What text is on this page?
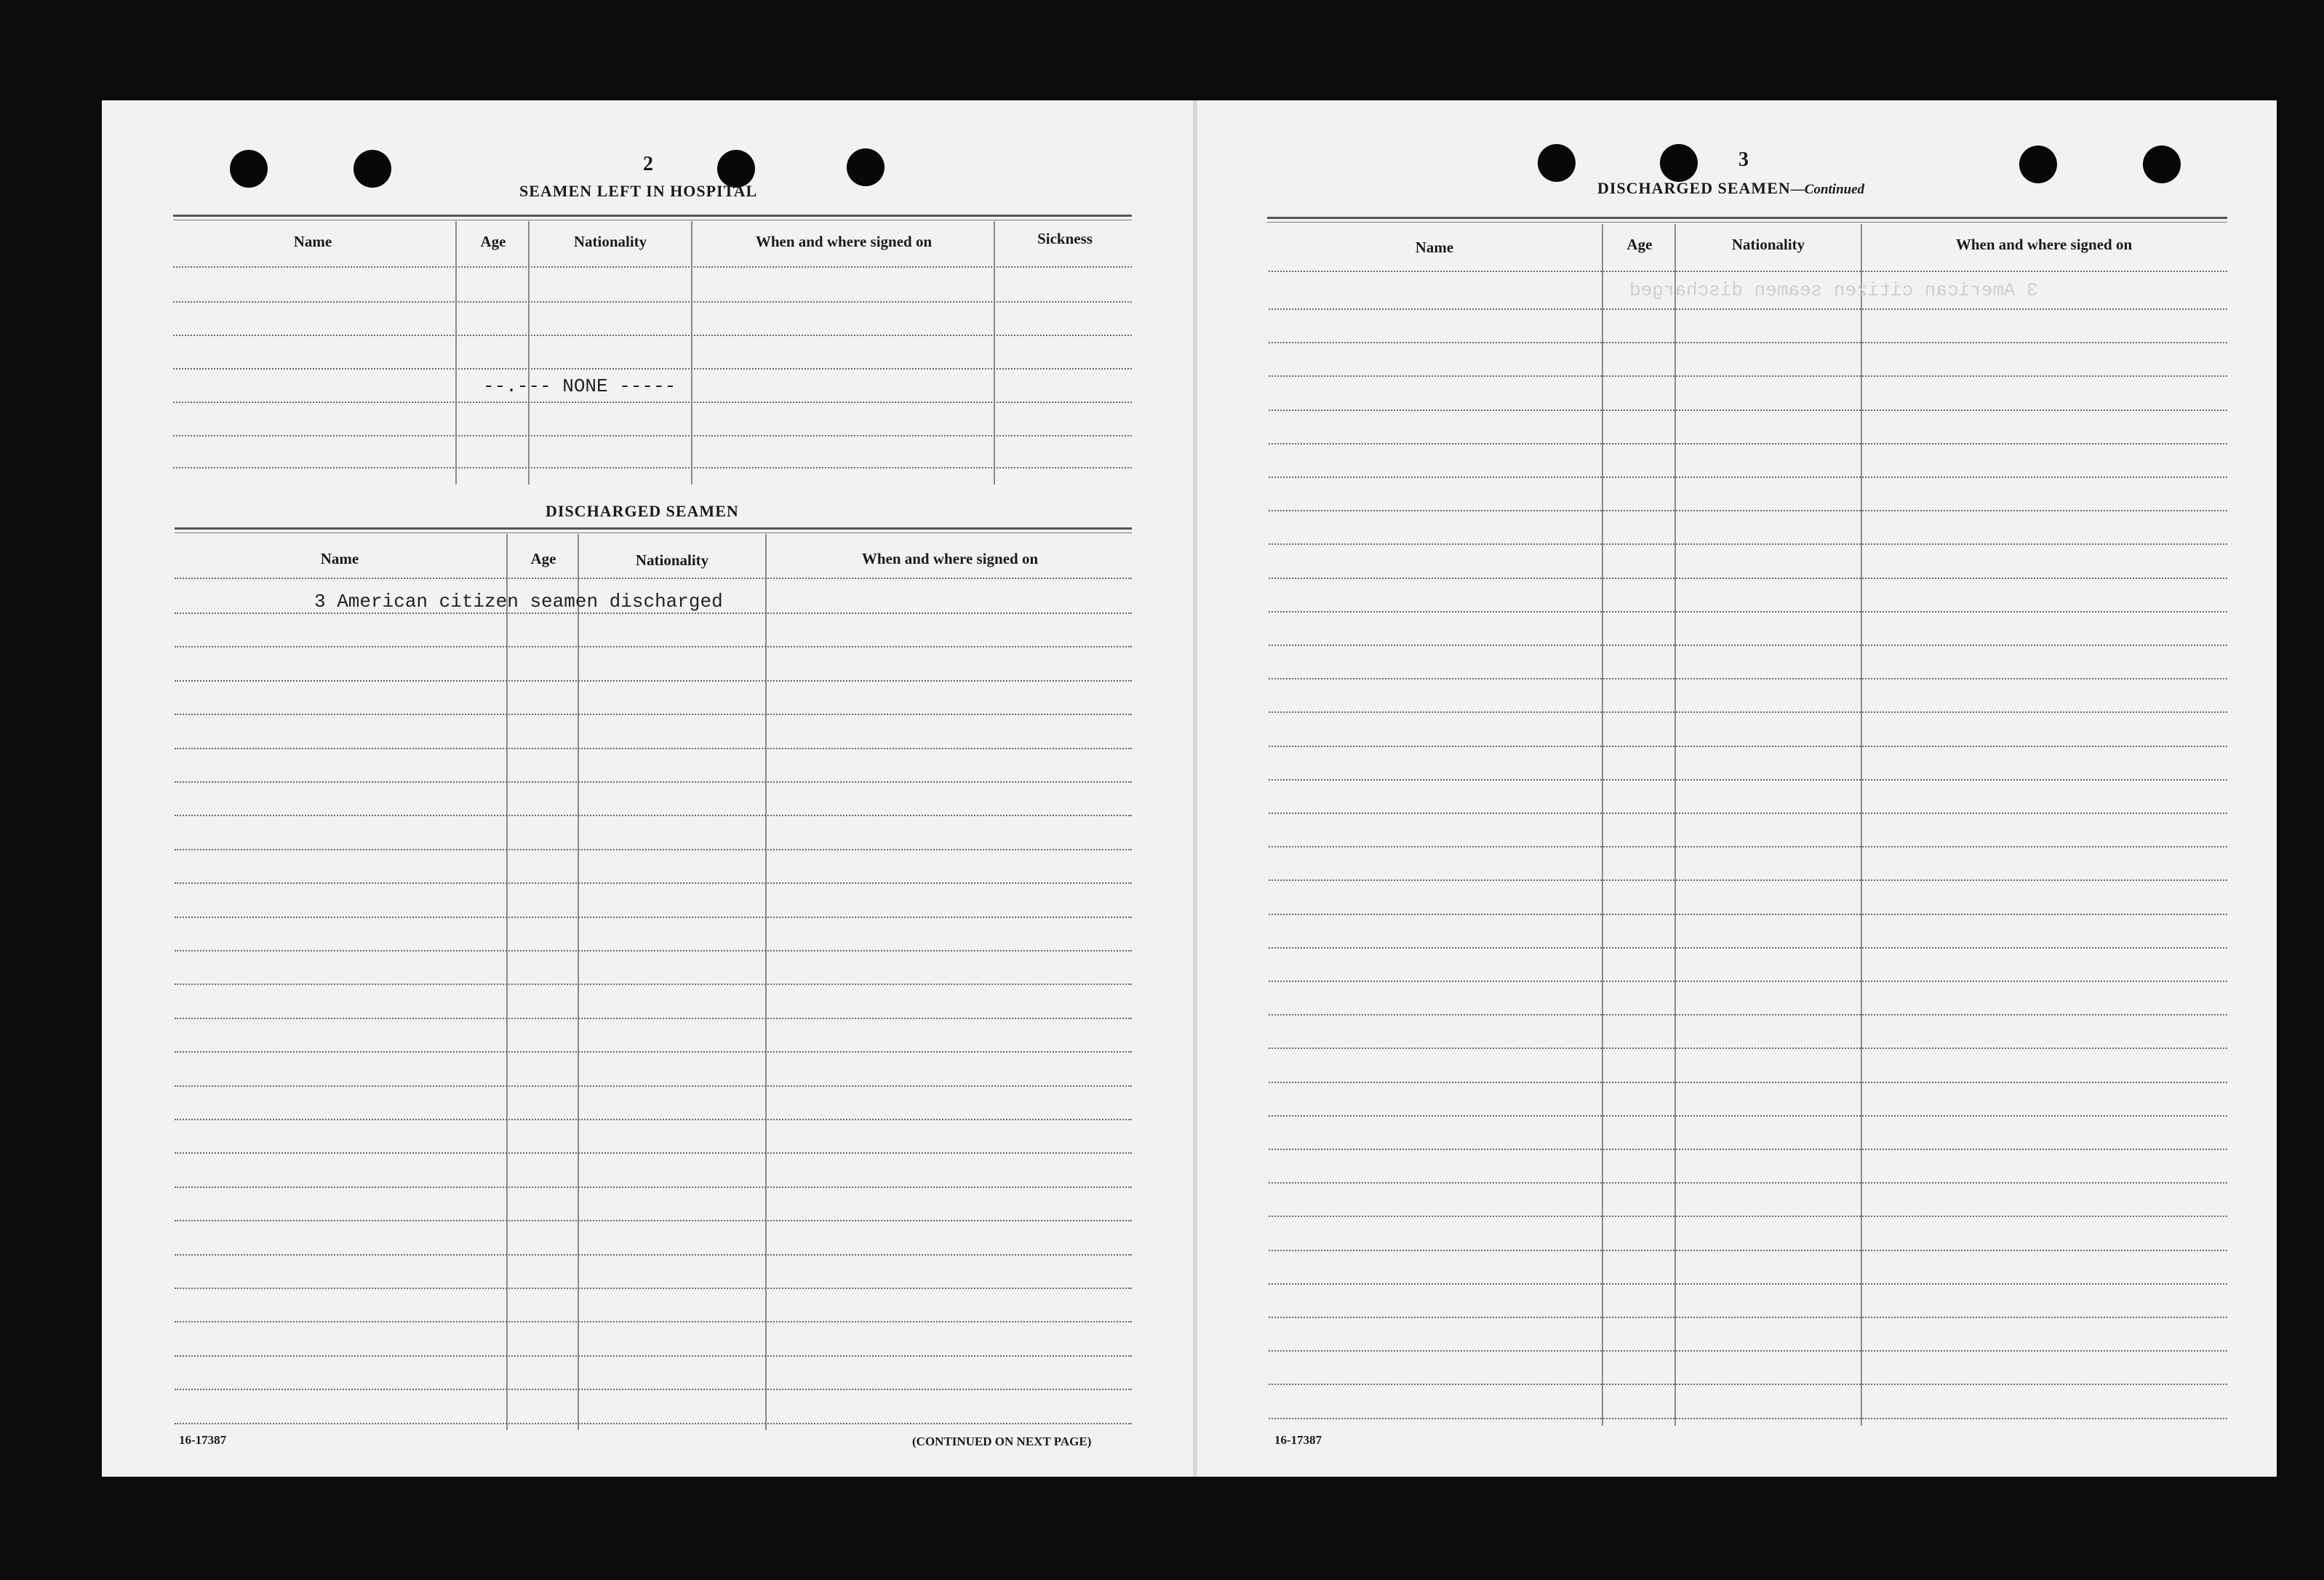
2
SEAMEN LEFT IN HOSPITAL
Name	Age	Nationality	When and where signed on	Sickness
--.--- NONE -----
DISCHARGED SEAMEN
Name	Age	Nationality	When and where signed on
3 American citizen seamen discharged
16-17387	(CONTINUED ON NEXT PAGE)
3
DISCHARGED SEAMEN—Continued
Name	Age	Nationality	When and where signed on
3 American citizen seamen discharged
16-17387
